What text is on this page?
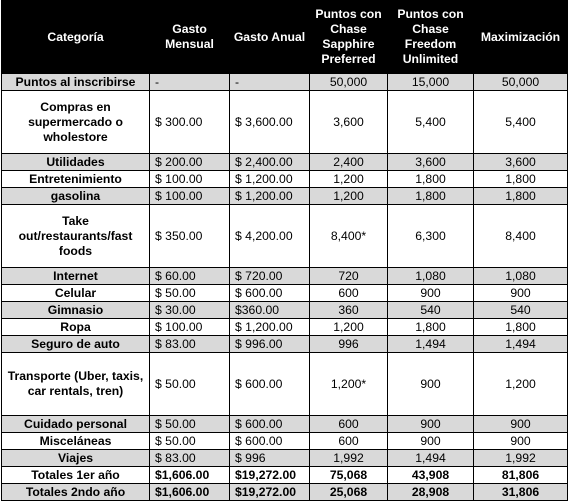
Categoría	Gasto Mensual	Gasto Anual	Puntos con Chase Sapphire Preferred	Puntos con Chase Freedom Unlimited	Maximización
Puntos al inscribirse	-	-	50,000	15,000	50,000
Compras en supermercado o wholestore	$ 300.00	$ 3,600.00	3,600	5,400	5,400
Utilidades	$ 200.00	$ 2,400.00	2,400	3,600	3,600
Entretenimiento	$ 100.00	$ 1,200.00	1,200	1,800	1,800
gasolina	$ 100.00	$ 1,200.00	1,200	1,800	1,800
Take out/restaurants/fast foods	$ 350.00	$ 4,200.00	8,400*	6,300	8,400
Internet	$ 60.00	$ 720.00	720	1,080	1,080
Celular	$ 50.00	$ 600.00	600	900	900
Gimnasio	$ 30.00	$360.00	360	540	540
Ropa	$ 100.00	$ 1,200.00	1,200	1,800	1,800
Seguro de auto	$ 83.00	$ 996.00	996	1,494	1,494
Transporte (Uber, taxis, car rentals, tren)	$ 50.00	$ 600.00	1,200*	900	1,200
Cuidado personal	$ 50.00	$ 600.00	600	900	900
Misceláneas	$ 50.00	$ 600.00	600	900	900
Viajes	$ 83.00	$ 996	1,992	1,494	1,992
Totales 1er año	$1,606.00	$19,272.00	75,068	43,908	81,806
Totales 2ndo año	$1,606.00	$19,272.00	25,068	28,908	31,806
